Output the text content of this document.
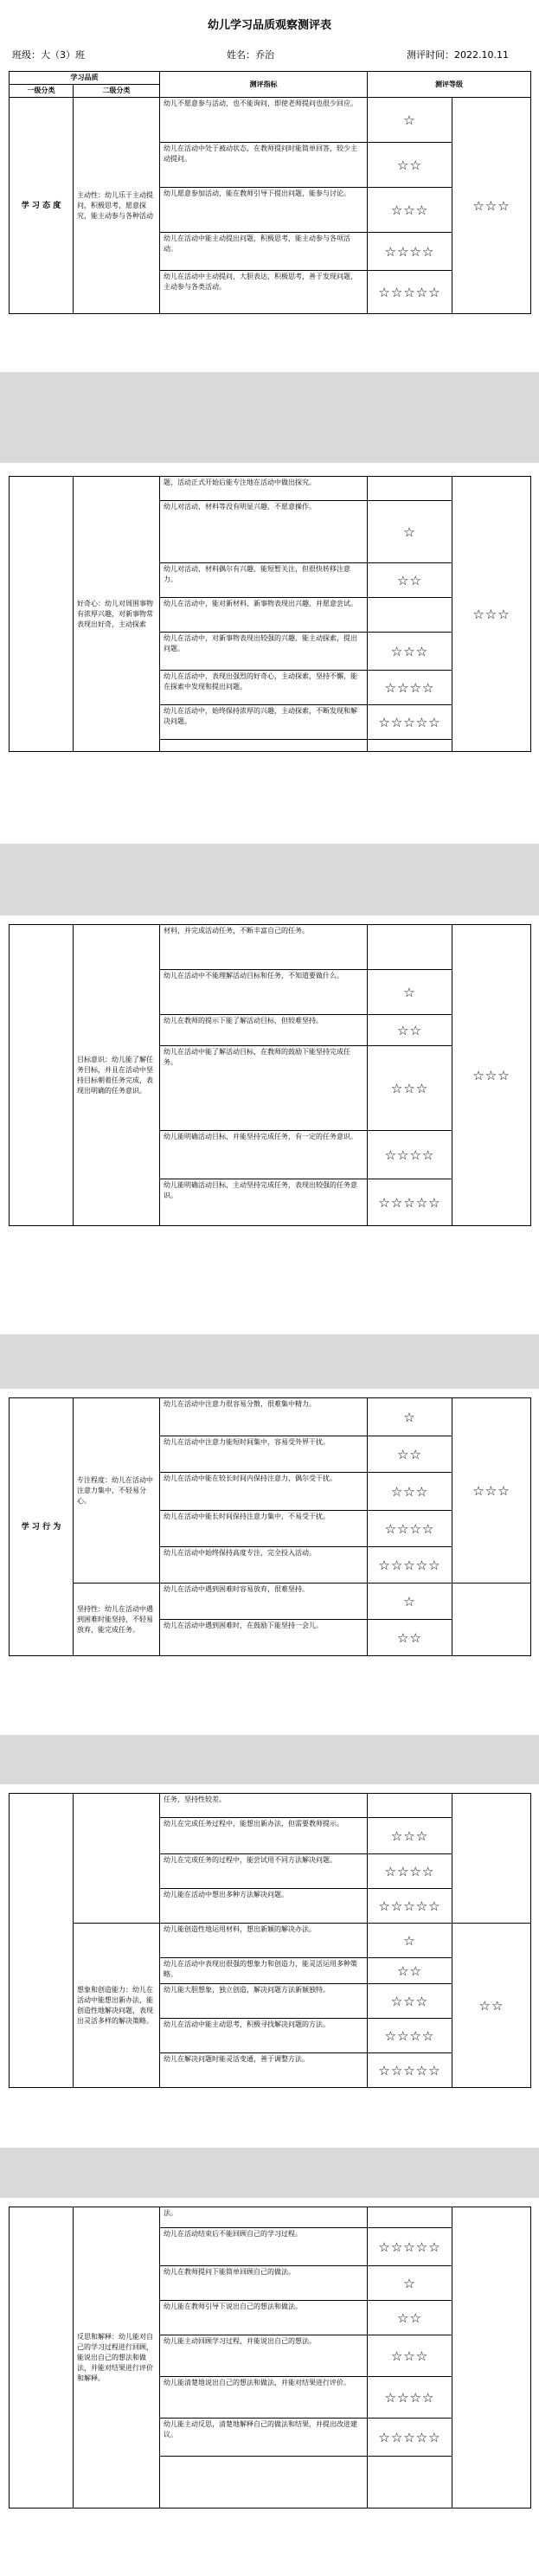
幼儿学习品质观察测评表
班级：大（3）班	姓名：乔治	测评时间：2022.10.11
学习品质		测评指标	测评等级	
一级分类	二级分类			
学 习 态 度	主动性：幼儿乐于主动提问，积极思考，愿意探究，能主动参与各种活动	幼儿不愿意参与活动，也不能询问，即使老师提问也很少回应。	☆	☆☆☆
		幼儿在活动中处于被动状态，在教师提问时能简单回答，较少主动提问。	☆☆	
		幼儿愿意参加活动，能在教师引导下提出问题，能参与讨论。	☆☆☆	
		幼儿在活动中能主动提出问题，积极思考，能主动参与各项活动。	☆☆☆☆	
		幼儿在活动中主动提问，大胆表达，积极思考，善于发现问题，主动参与各类活动。	☆☆☆☆☆	
	好奇心：幼儿对周围事物有浓厚兴趣，对新事物常表现出好奇，主动探索	题，活动正式开始后能专注地在活动中做出探究。		☆☆☆
		幼儿对活动，材料等没有明显兴趣，不愿意操作。	☆	
		幼儿对活动，材料偶尔有兴趣，能短暂关注，但很快转移注意力。	☆☆	
		幼儿在活动中，能对新材料、新事物表现出兴趣，并愿意尝试。		
		幼儿在活动中，对新事物表现出较强的兴趣，能主动探索，提出问题。	☆☆☆	
		幼儿在活动中，表现出强烈的好奇心，主动探索，坚持不懈，能在探索中发现和提出问题。	☆☆☆☆	
		幼儿在活动中，始终保持浓厚的兴趣，主动探索，不断发现和解决问题。	☆☆☆☆☆	

	目标意识：幼儿能了解任务目标，并且在活动中坚持目标朝着任务完成，表现出明确的任务意识。	材料，并完成活动任务，不断丰富自己的任务。		☆☆☆
		幼儿在活动中不能理解活动目标和任务，不知道要做什么。	☆	
		幼儿在教师的提示下能了解活动目标，但较难坚持。	☆☆	
		幼儿在活动中能了解活动目标，在教师的鼓励下能坚持完成任务。	☆☆☆	
		幼儿能明确活动目标，并能坚持完成任务，有一定的任务意识。	☆☆☆☆	
		幼儿能明确活动目标，主动坚持完成任务，表现出较强的任务意识。	☆☆☆☆☆	
学 习 行 为	专注程度：幼儿在活动中注意力集中，不轻易分心。	幼儿在活动中注意力很容易分散，很难集中精力。	☆	☆☆☆
		幼儿在活动中注意力能短时间集中，容易受外界干扰。	☆☆	
		幼儿在活动中能在较长时间内保持注意力，偶尔受干扰。	☆☆☆	
		幼儿在活动中能长时间保持注意力集中，不易受干扰。	☆☆☆☆	
		幼儿在活动中始终保持高度专注，完全投入活动。	☆☆☆☆☆	
	坚持性：幼儿在活动中遇到困难时能坚持，不轻易放弃，能完成任务。	幼儿在活动中遇到困难时容易放弃，很难坚持。	☆	
		幼儿在活动中遇到困难时，在鼓励下能坚持一会儿。	☆☆	
		任务，坚持性较差。		
		幼儿在完成任务过程中，能想出新办法，但需要教师提示。	☆☆☆	
		幼儿在完成任务的过程中，能尝试用不同方法解决问题。	☆☆☆☆	
		幼儿能在活动中想出多种方法解决问题。	☆☆☆☆☆	
	想象和创造能力：幼儿在活动中能想出新办法，能创造性地解决问题，表现出灵活多样的解决策略。	幼儿能创造性地运用材料，想出新颖的解决办法。	☆	☆☆
		幼儿在活动中表现出很强的想象力和创造力，能灵活运用多种策略。	☆☆	
		幼儿能大胆想象，独立创造，解决问题方法新颖独特。	☆☆☆	
		幼儿在活动中能主动思考，积极寻找解决问题的方法。	☆☆☆☆	
		幼儿在解决问题时能灵活变通，善于调整方法。	☆☆☆☆☆	
	反思和解释：幼儿能对自己的学习过程进行回顾，能说出自己的想法和做法，并能对结果进行评价和解释。	法。		
		幼儿在活动结束后不能回顾自己的学习过程。	☆☆☆☆☆	
		幼儿在教师提问下能简单回顾自己的做法。	☆	
		幼儿能在教师引导下说出自己的想法和做法。	☆☆	
		幼儿能主动回顾学习过程，并能说出自己的想法。	☆☆☆	
		幼儿能清楚地说出自己的想法和做法，并能对结果进行评价。	☆☆☆☆	
		幼儿能主动反思，清楚地解释自己的做法和结果，并提出改进建议。	☆☆☆☆☆	
